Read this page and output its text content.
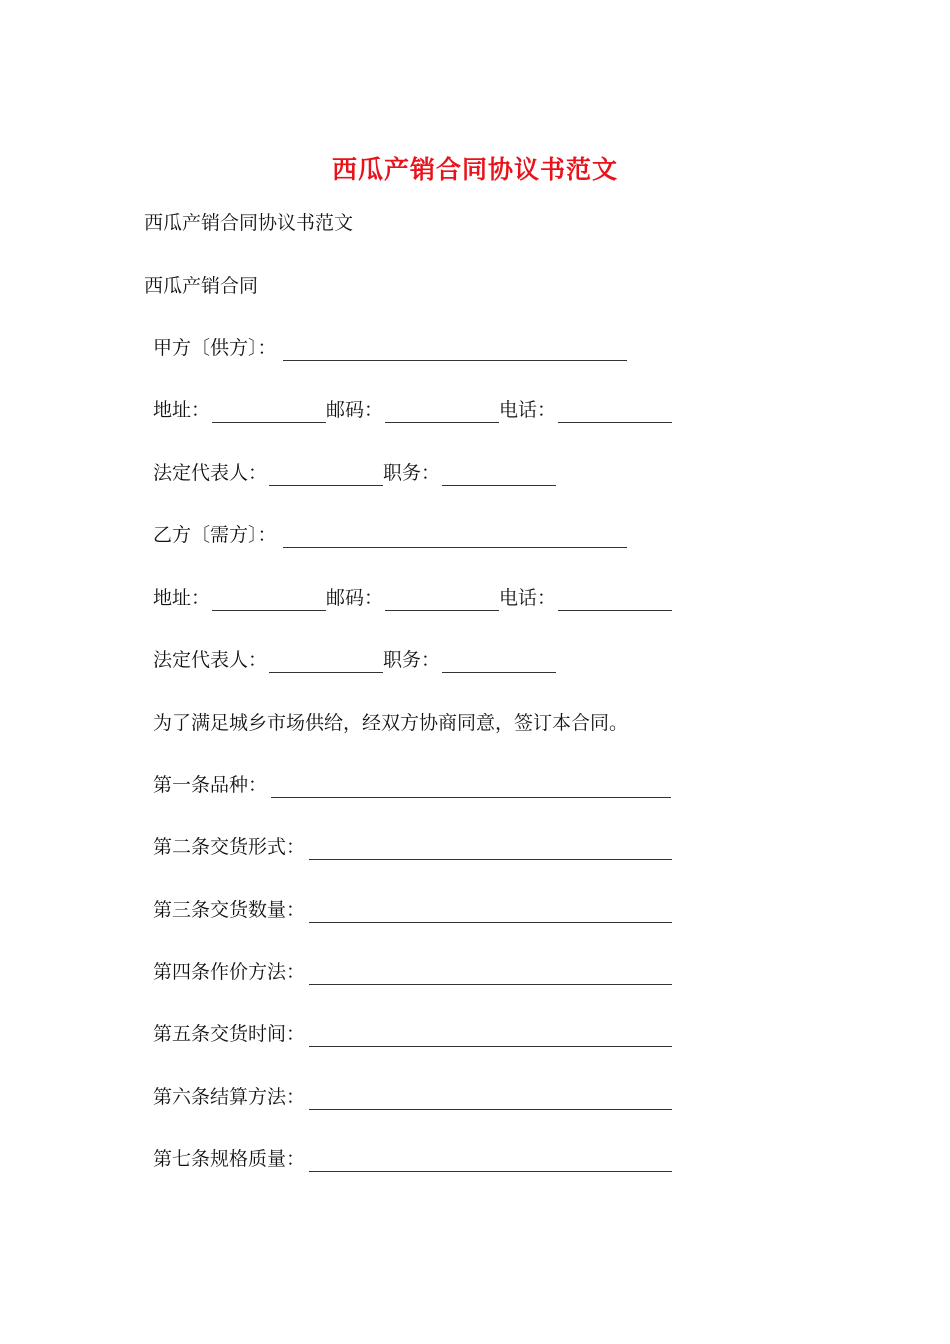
西瓜产销合同协议书范文
西瓜产销合同协议书范文
西瓜产销合同
甲方〔供方〕：
地址：	邮码：	电话：
法定代表人：	职务：
乙方〔需方〕：
地址：	邮码：	电话：
法定代表人：	职务：
为了满足城乡市场供给，经双方协商同意，签订本合同。
第一条品种：
第二条交货形式：
第三条交货数量：
第四条作价方法：
第五条交货时间：
第六条结算方法：
第七条规格质量：
